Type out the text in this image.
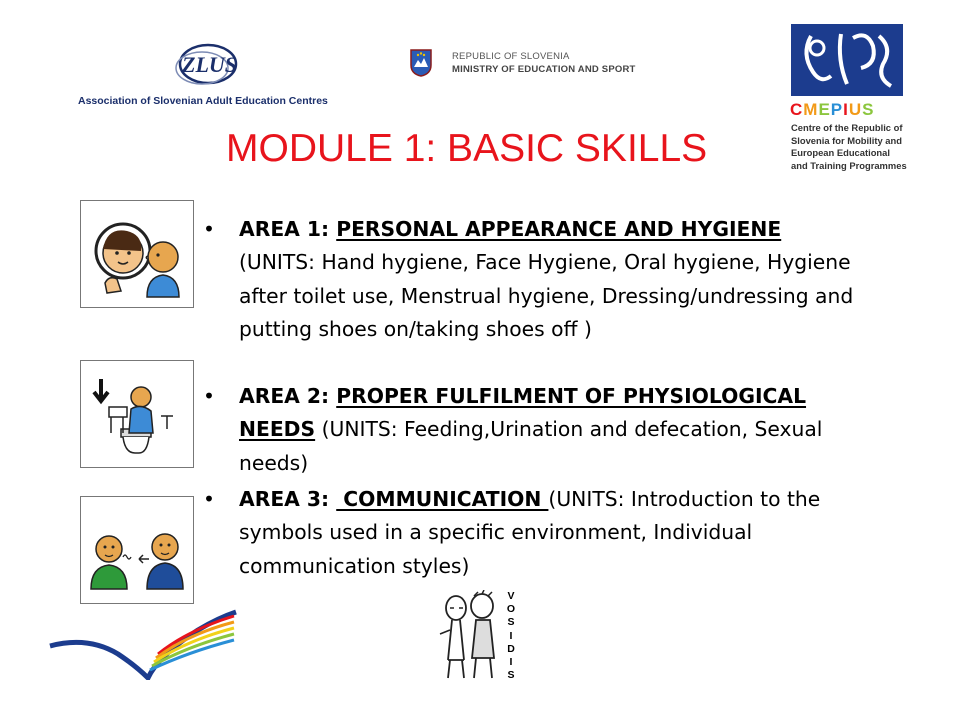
ZLUS
Association of Slovenian Adult Education Centres
REPUBLIC OF SLOVENIA
MINISTRY OF EDUCATION AND SPORT
CMEPIUS
Centre of the Republic of Slovenia for Mobility and European Educational and Training Programmes
MODULE 1: BASIC SKILLS
• AREA 1: PERSONAL APPEARANCE AND HYGIENE (UNITS: Hand hygiene, Face Hygiene, Oral hygiene, Hygiene after toilet use, Menstrual hygiene, Dressing/undressing and putting shoes on/taking shoes off )
• AREA 2: PROPER FULFILMENT OF PHYSIOLOGICAL NEEDS (UNITS: Feeding,Urination and defecation, Sexual needs)
• AREA 3:  COMMUNICATION (UNITS: Introduction to the symbols used in a specific environment, Individual communication styles)
V
O
S
I
D
I
S
